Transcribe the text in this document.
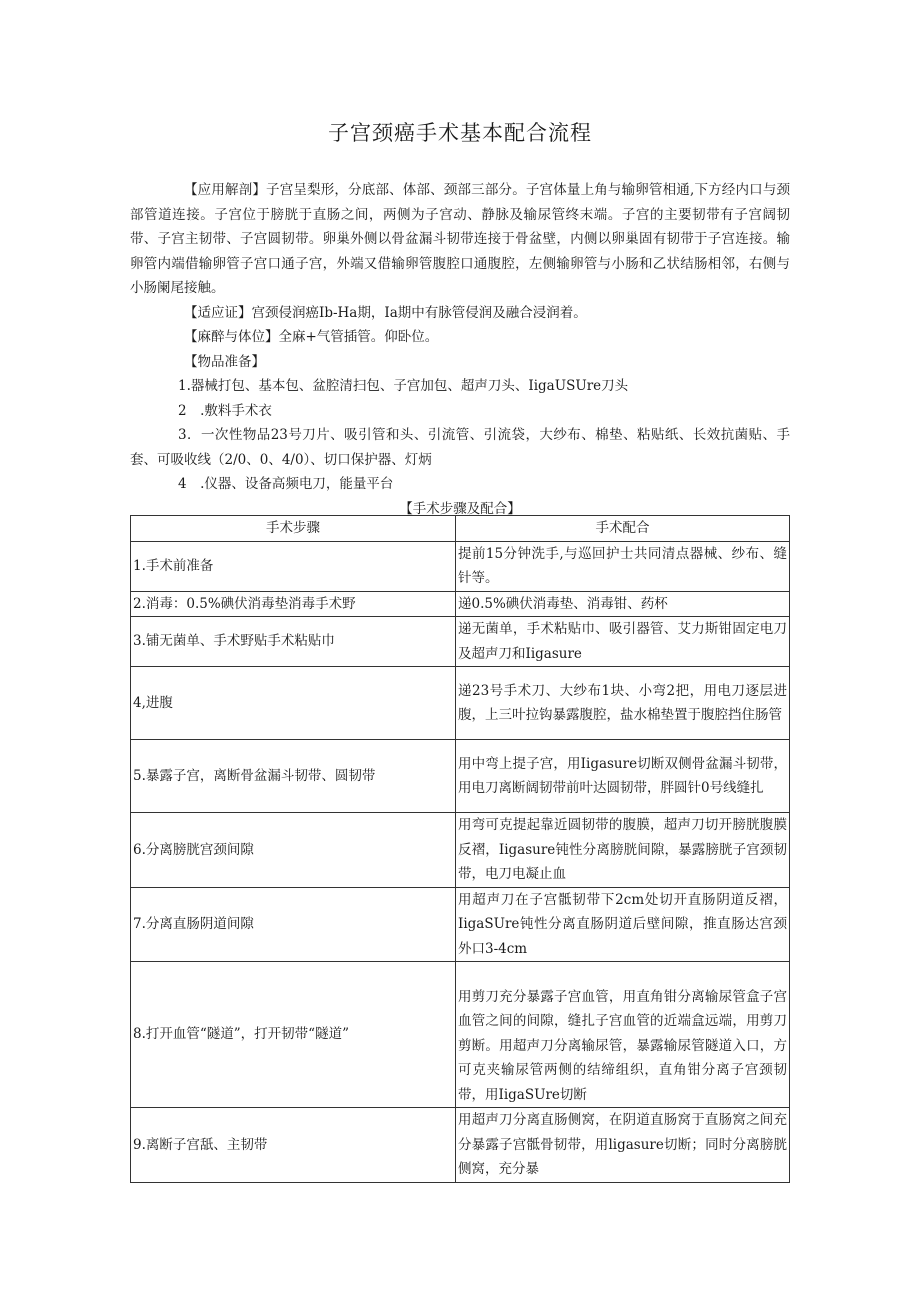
子宫颈癌手术基本配合流程

【应用解剖】子宫呈梨形，分底部、体部、颈部三部分。子宫体量上角与输卵管相通,下方经内口与颈部管道连接。子宫位于膀胱于直肠之间，两侧为子宫动、静脉及输尿管终末端。子宫的主要韧带有子宫阔韧带、子宫主韧带、子宫圆韧带。卵巢外侧以骨盆漏斗韧带连接于骨盆壁，内侧以卵巢固有韧带于子宫连接。输卵管内端借输卵管子宫口通子宫，外端又借输卵管腹腔口通腹腔，左侧输卵管与小肠和乙状结肠相邻，右侧与小肠阑尾接触。

【适应证】宫颈侵润癌Ib-Ha期，Ia期中有脉管侵润及融合浸润着。

【麻醉与体位】全麻+气管插管。仰卧位。

【物品准备】

1.器械打包、基本包、盆腔清扫包、子宫加包、超声刀头、IigaUSUre刀头

2　.敷料手术衣

3．一次性物品23号刀片、吸引管和头、引流管、引流袋，大纱布、棉垫、粘贴纸、长效抗菌贴、手套、可吸收线（2/0、0、4/0）、切口保护器、灯炳

4　.仪器、设备高频电刀，能量平台

【手术步骤及配合】
手术步骤	手术配合
1.手术前准备	提前15分钟洗手,与巡回护士共同清点器械、纱布、缝针等。
2.消毒：0.5%碘伏消毒垫消毒手术野	递0.5%碘伏消毒垫、消毒钳、药杯
3.铺无菌单、手术野贴手术粘贴巾	递无菌单，手术粘贴巾、吸引器管、艾力斯钳固定电刀及超声刀和Iigasure
4,进腹	递23号手术刀、大纱布1块、小弯2把，用电刀逐层进腹，上三叶拉钩暴露腹腔，盐水棉垫置于腹腔挡住肠管
5.暴露子宫，离断骨盆漏斗韧带、圆韧带	用中弯上提子宫，用Iigasure切断双侧骨盆漏斗韧带，用电刀离断阔韧带前叶达圆韧带，胖圆针0号线缝扎
6.分离膀胱宫颈间隙	用弯可克提起靠近圆韧带的腹膜，超声刀切开膀胱腹膜反褶，Iigasure钝性分离膀胱间隙，暴露膀胱子宫颈韧带，电刀电凝止血
7.分离直肠阴道间隙	用超声刀在子宫骶韧带下2cm处切开直肠阴道反褶，IigaSUre钝性分离直肠阴道后壁间隙，推直肠达宫颈外口3-4cm
8.打开血管“隧道”，打开韧带“隧道”	用剪刀充分暴露子宫血管，用直角钳分离输尿管盒子宫血管之间的间隙，缝扎子宫血管的近端盒远端，用剪刀剪断。用超声刀分离输尿管，暴露输尿管隧道入口，方可克夹输尿管两侧的结缔组织，直角钳分离子宫颈韧带，用IigaSUre切断
9.离断子宫舐、主韧带	用超声刀分离直肠侧窝，在阴道直肠窝于直肠窝之间充分暴露子宫骶骨韧带，用ligasure切断；同时分离膀胱侧窝，充分暴
